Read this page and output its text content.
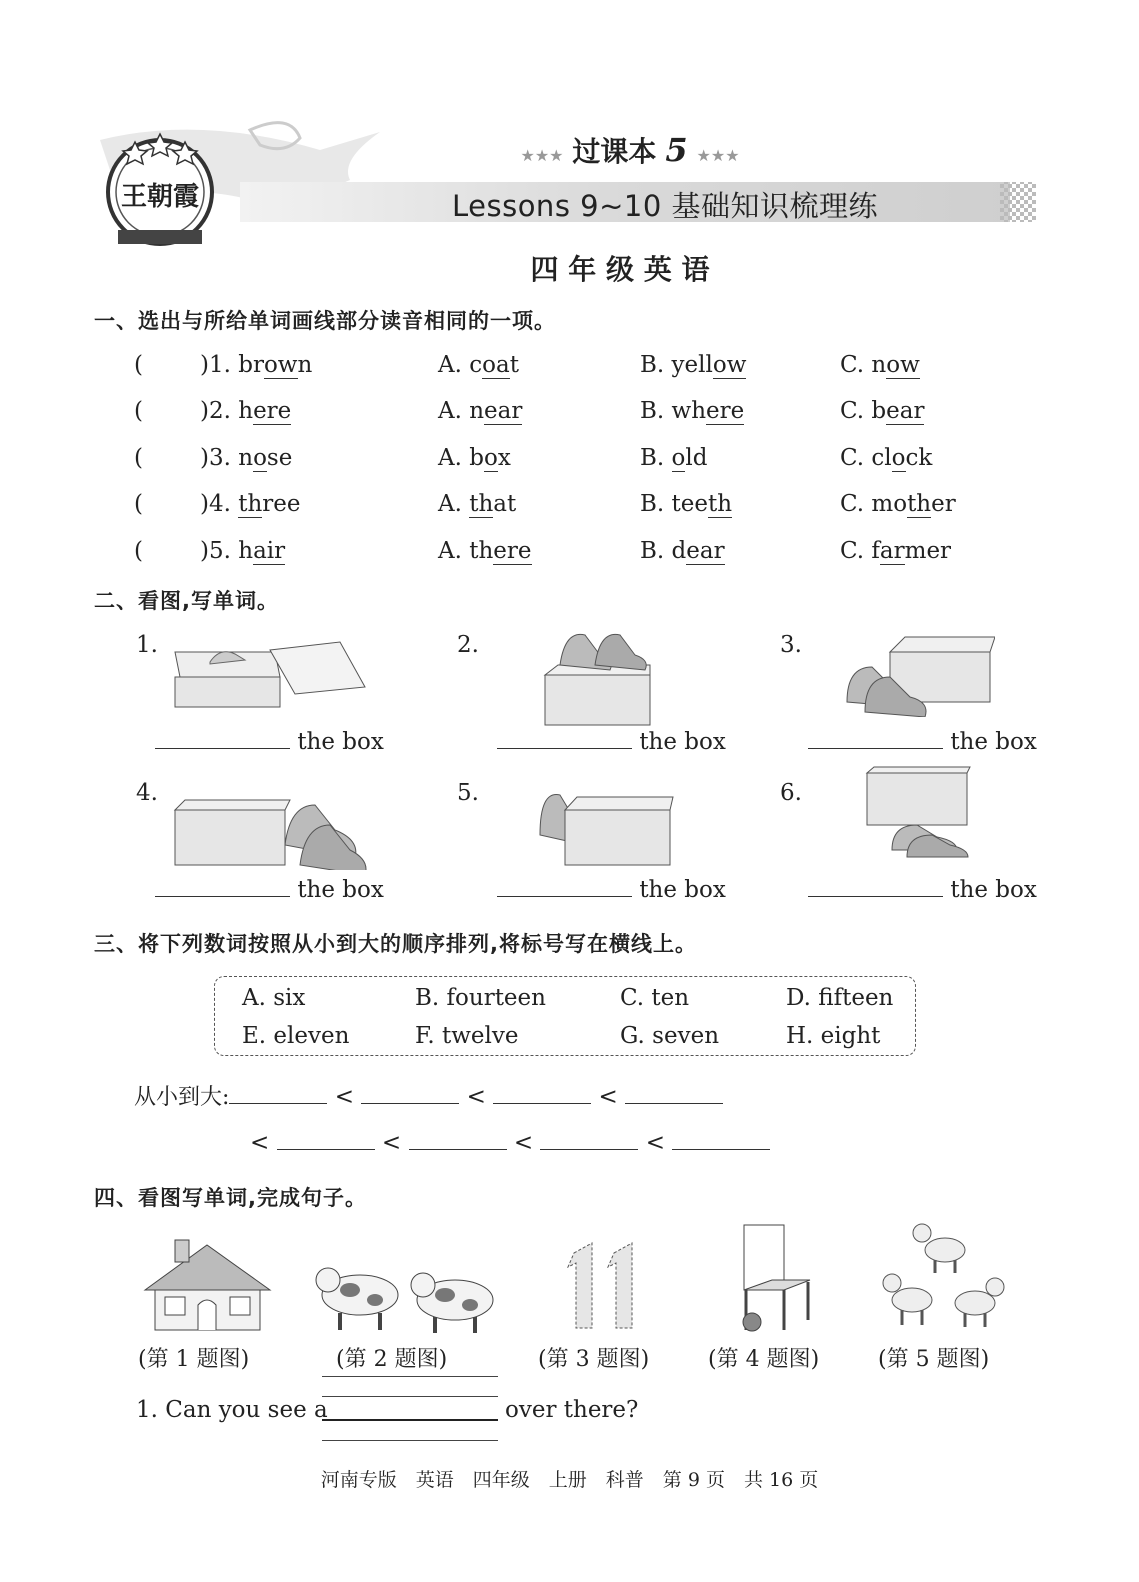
王朝霞
★★★ 过课本 5 ★★★
Lessons 9~10 基础知识梳理练
四 年 级 英 语
一、选出与所给单词画线部分读音相同的一项。
( )1. brown	A. coat	B. yellow	C. now
( )2. here	A. near	B. where	C. bear
( )3. nose	A. box	B. old	C. clock
( )4. three	A. that	B. teeth	C. mother
( )5. hair	A. there	B. dear	C. farmer
二、看图,写单词。
1.	2.	3.
4.	5.	6.
the box	the box	the box
the box	the box	the box
三、将下列数词按照从小到大的顺序排列,将标号写在横线上。
A. six	B. fourteen	C. ten	D. fifteen
E. eleven	F. twelve	G. seven	H. eight
从小到大:	<	<	<
<	<	<	<
四、看图写单词,完成句子。
(第 1 题图)	(第 2 题图)	(第 3 题图)	(第 4 题图)	(第 5 题图)
1. Can you see a	over there?
河南专版　英语　四年级　上册　科普　第 9 页　共 16 页
